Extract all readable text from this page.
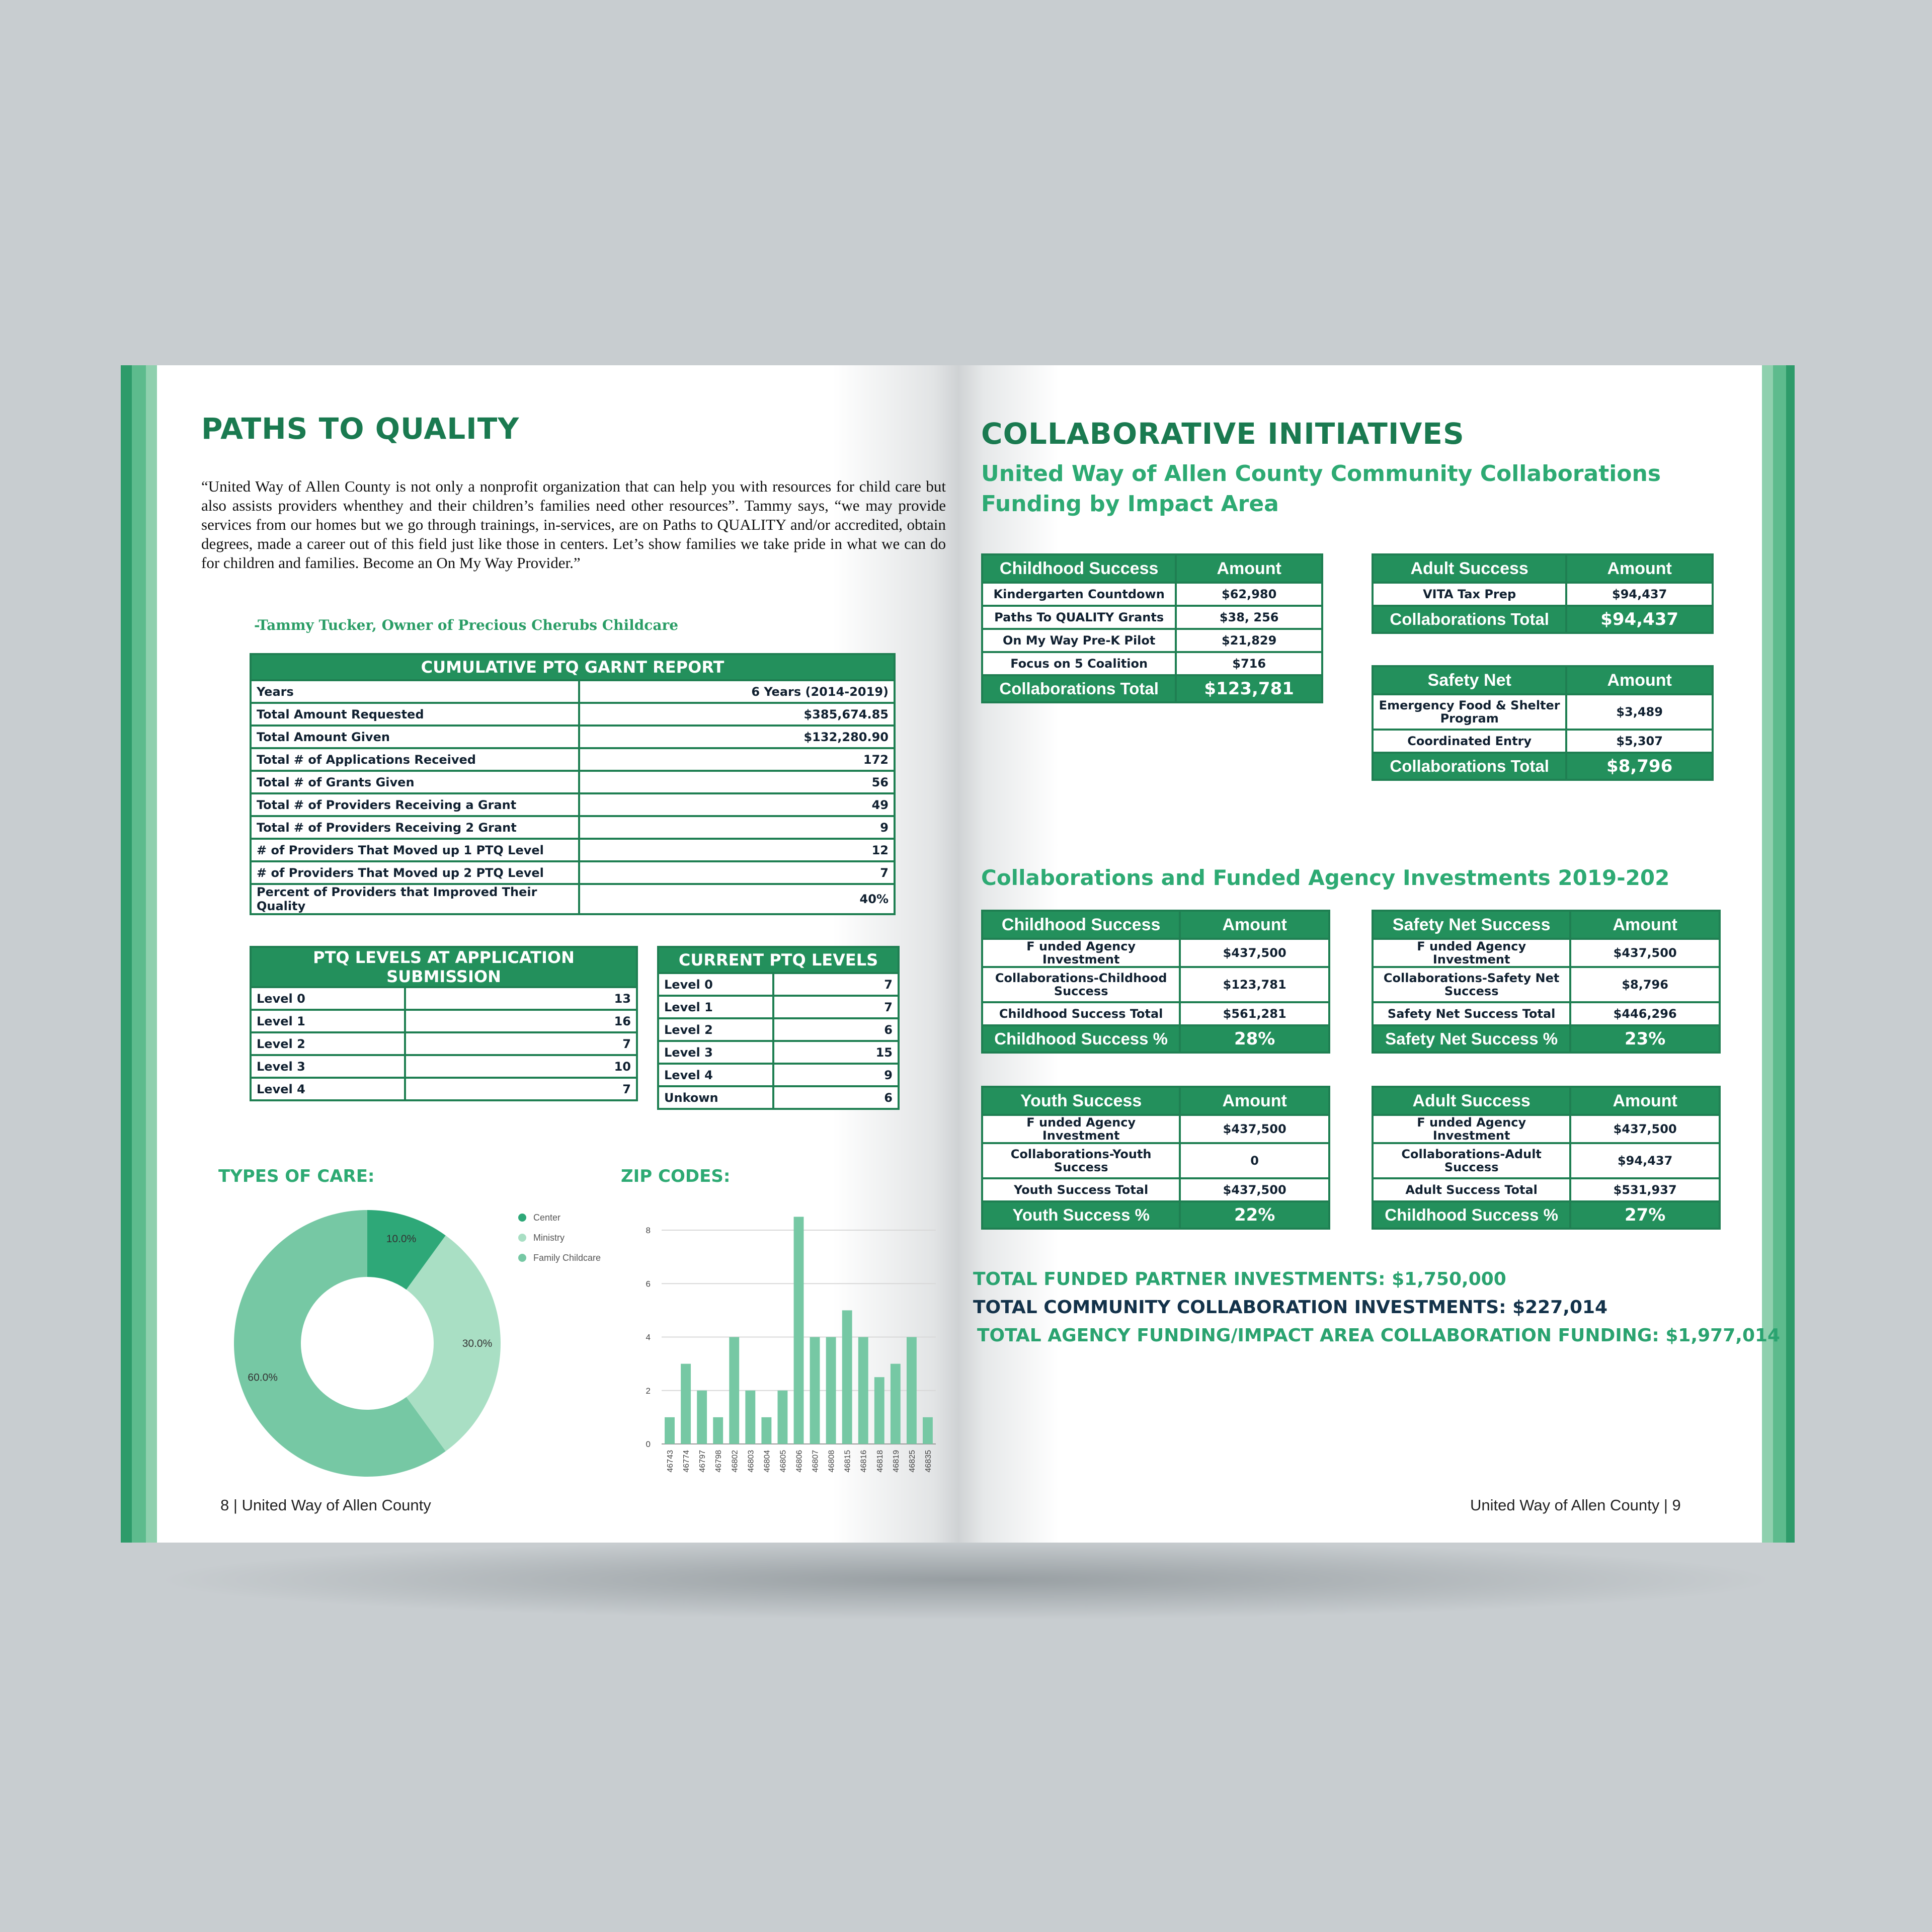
PATHS TO QUALITY
“United Way of Allen County is not only a nonprofit organization that can help you with resources for child care but also assists providers whenthey and their children’s families need other resources”. Tammy says, “we may provide services from our homes but we go through trainings, in-services, are on Paths to QUALITY and/or accredited, obtain degrees, made a career out of this field just like those in centers. Let’s show families we take pride in what we can do for children and families. Become an On My Way Provider.”
-Tammy Tucker, Owner of Precious Cherubs Childcare
CUMULATIVE PTQ GARNT REPORT	
Years	6 Years (2014-2019)
Total Amount Requested	$385,674.85
Total Amount Given	$132,280.90
Total # of Applications Received	172
Total # of Grants Given	56
Total # of Providers Receiving a Grant	49
Total # of Providers Receiving 2 Grant	9
# of Providers That Moved up 1 PTQ Level	12
# of Providers That Moved up 2 PTQ Level	7
Percent of Providers that Improved Their Quality	40%
PTQ LEVELS AT APPLICATION SUBMISSION	
Level 0	13
Level 1	16
Level 2	7
Level 3	10
Level 4	7
CURRENT PTQ LEVELS	
Level 0	7
Level 1	7
Level 2	6
Level 3	15
Level 4	9
Unkown	6
TYPES OF CARE:	ZIP CODES:
10.0%
30.0%
60.0%
Center
Ministry
Family Childcare
0
2
4
6
8
46743 46774 46797 46798 46802 46803 46804 46805 46806 46807 46808 46815 46816 46818 46819 46825 46835
8 | United Way of Allen County
COLLABORATIVE INITIATIVES
United Way of Allen County Community Collaborations Funding by Impact Area
Childhood Success	Amount
Kindergarten Countdown	$62,980
Paths To QUALITY Grants	$38, 256
On My Way Pre-K Pilot	$21,829
Focus on 5 Coalition	$716
Collaborations Total	$123,781
Adult Success	Amount
VITA Tax Prep	$94,437
Collaborations Total	$94,437
Safety Net	Amount
Emergency Food & Shelter Program	$3,489
Coordinated Entry	$5,307
Collaborations Total	$8,796
Collaborations and Funded Agency Investments 2019-202
Childhood Success	Amount
F unded Agency Investment	$437,500
Collaborations-Childhood Success	$123,781
Childhood Success Total	$561,281
Childhood Success %	28%
Safety Net Success	Amount
F unded Agency Investment	$437,500
Collaborations-Safety Net Success	$8,796
Safety Net Success Total	$446,296
Safety Net Success %	23%
Youth Success	Amount
F unded Agency Investment	$437,500
Collaborations-Youth Success	0
Youth Success Total	$437,500
Youth Success %	22%
Adult Success	Amount
F unded Agency Investment	$437,500
Collaborations-Adult Success	$94,437
Adult Success Total	$531,937
Childhood Success %	27%
TOTAL FUNDED PARTNER INVESTMENTS: $1,750,000
TOTAL COMMUNITY COLLABORATION INVESTMENTS: $227,014
TOTAL AGENCY FUNDING/IMPACT AREA COLLABORATION FUNDING: $1,977,014
United Way of Allen County | 9
